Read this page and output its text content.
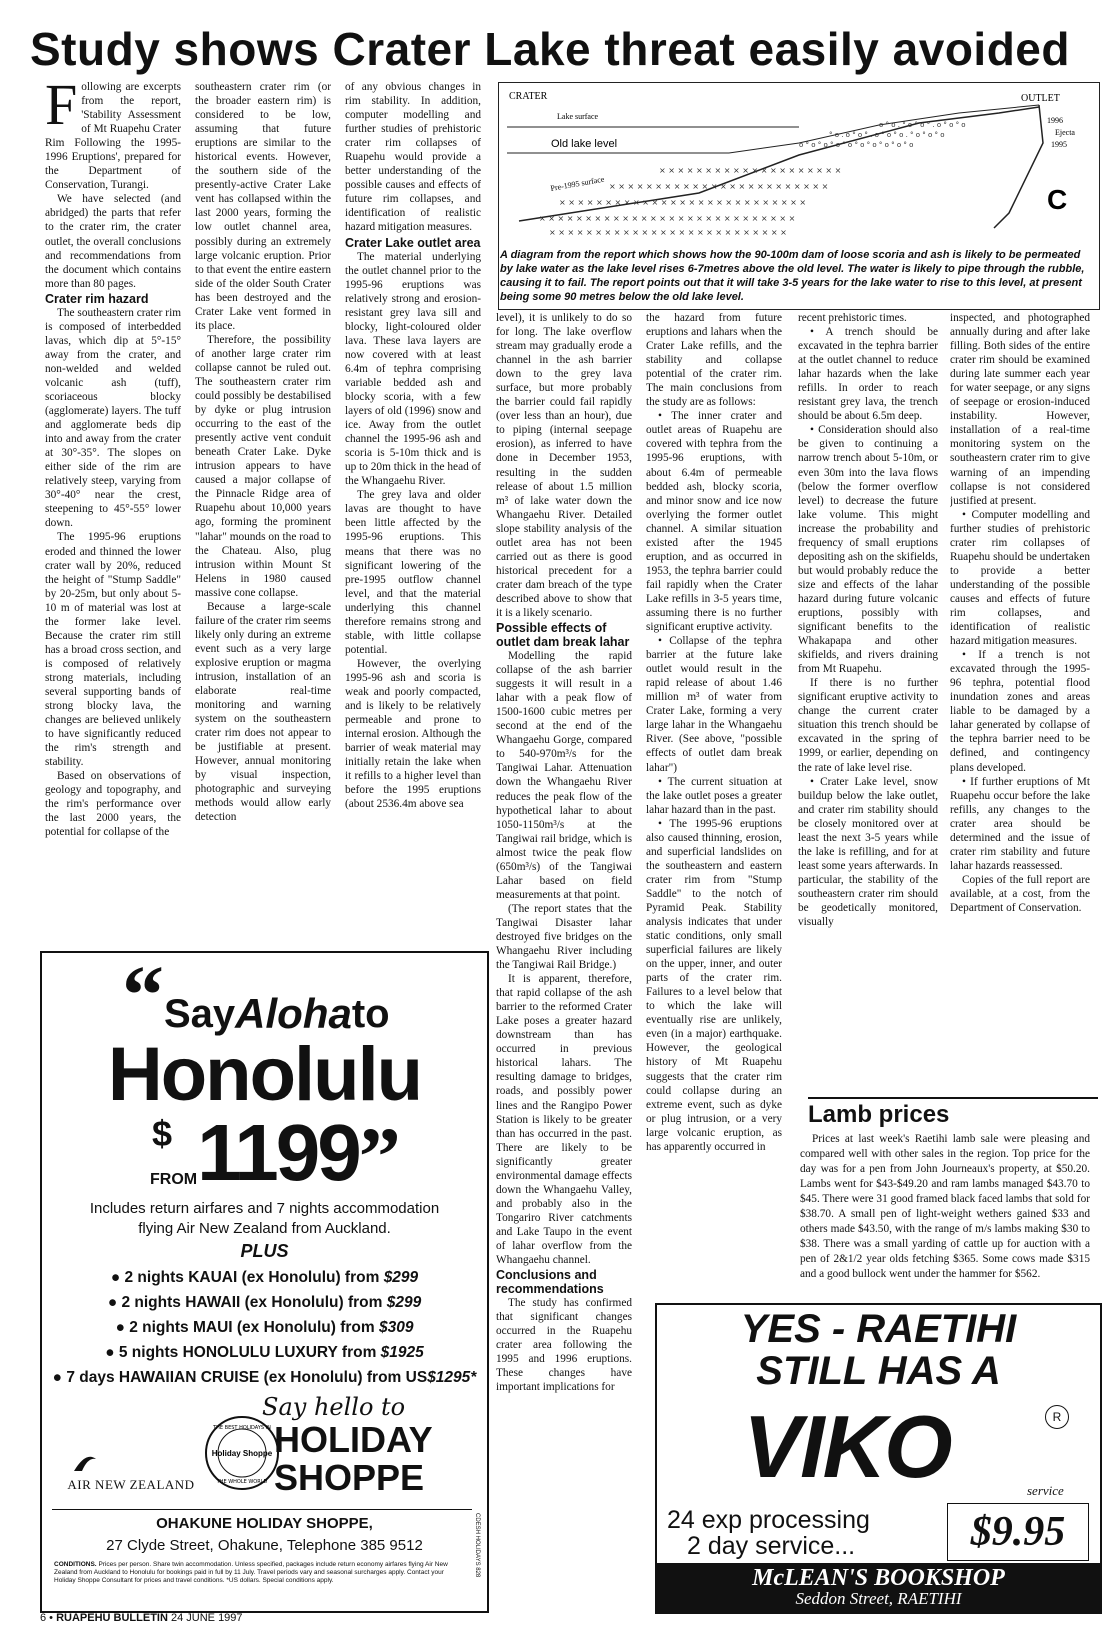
Study shows Crater Lake threat easily avoided

Following are excerpts from the report, 'Stability Assessment of Mt Ruapehu Crater Rim Following the 1995-1996 Eruptions', prepared for the Department of Conservation, Turangi.

We have selected (and abridged) the parts that refer to the crater rim, the crater outlet, the overall conclusions and recommendations from the document which contains more than 80 pages.

Crater rim hazard

The southeastern crater rim is composed of interbedded lavas, which dip at 5°-15° away from the crater, and non-welded and welded volcanic ash (tuff), scoriaceous blocky (agglomerate) layers. The tuff and agglomerate beds dip into and away from the crater at 30°-35°. The slopes on either side of the rim are relatively steep, varying from 30°-40° near the crest, steepening to 45°-55° lower down.

The 1995-96 eruptions eroded and thinned the lower crater wall by 20%, reduced the height of "Stump Saddle" by 20-25m, but only about 5-10 m of material was lost at the former lake level. Because the crater rim still has a broad cross section, and is composed of relatively strong materials, including several supporting bands of strong blocky lava, the changes are believed unlikely to have significantly reduced the rim's strength and stability.

Based on observations of geology and topography, and the rim's performance over the last 2000 years, the potential for collapse of the

southeastern crater rim (or the broader eastern rim) is considered to be low, assuming that future eruptions are similar to the historical events. However, the southern side of the presently-active Crater Lake vent has collapsed within the last 2000 years, forming the low outlet channel area, possibly during an extremely large volcanic eruption. Prior to that event the entire eastern side of the older South Crater has been destroyed and the Crater Lake vent formed in its place.

Therefore, the possibility of another large crater rim collapse cannot be ruled out. The southeastern crater rim could possibly be destabilised by dyke or plug intrusion occurring to the east of the presently active vent conduit beneath Crater Lake. Dyke intrusion appears to have caused a major collapse of the Pinnacle Ridge area of Ruapehu about 10,000 years ago, forming the prominent "lahar" mounds on the road to the Chateau. Also, plug intrusion within Mount St Helens in 1980 caused massive cone collapse.

Because a large-scale failure of the crater rim seems likely only during an extreme event such as a very large explosive eruption or magma intrusion, installation of an elaborate real-time monitoring and warning system on the southeastern crater rim does not appear to be justifiable at present. However, annual monitoring by visual inspection, photographic and surveying methods would allow early detection

of any obvious changes in rim stability. In addition, computer modelling and further studies of prehistoric crater rim collapses of Ruapehu would provide a better understanding of the possible causes and effects of future rim collapses, and identification of realistic hazard mitigation measures.

Crater Lake outlet area

The material underlying the outlet channel prior to the 1995-96 eruptions was relatively strong and erosion-resistant grey lava sill and blocky, light-coloured older lava. These lava layers are now covered with at least 6.4m of tephra comprising variable bedded ash and blocky scoria, with a few layers of old (1996) snow and ice. Away from the outlet channel the 1995-96 ash and scoria is 5-10m thick and is up to 20m thick in the head of the Whangaehu River.

The grey lava and older lavas are thought to have been little affected by the 1995-96 eruptions. This means that there was no significant lowering of the pre-1995 outflow channel level, and that the material underlying this channel therefore remains strong and stable, with little collapse potential.

However, the overlying 1995-96 ash and scoria is weak and poorly compacted, and is likely to be relatively permeable and prone to internal erosion. Although the barrier of weak material may initially retain the lake when it refills to a higher level than before the 1995 eruptions (about 2536.4m above sea

CRATER	OUTLET
Lake surface
Old lake level
Pre-1995 surface
o ° o ° o ° o ° o ° o ° o ° o ° o ° o
° o . o ° o ° . o ° o ° o . ° o ° o ° o
o ° o . ° o ° o ° . o ° o ° o
× × × × × × × × × × × × × × × × × × × ×
× × × × × × × × × × × × × × × × × × × × × × × ×
× × × × × × × × × × × × × × × × × × × × × × × × × × ×
× × × × × × × × × × × × × × × × × × × × × × × × × × × ×
× × × × × × × × × × × × × × × × × × × × × × × × × ×
1996
Ejecta
1995
C
A diagram from the report which shows how the 90-100m dam of loose scoria and ash is likely to be permeated by lake water as the lake level rises 6-7metres above the old level. The water is likely to pipe through the rubble, causing it to fail. The report points out that it will take 3-5 years for the lake water to rise to this level, at present being some 90 metres below the old lake level.

level), it is unlikely to do so for long. The lake overflow stream may gradually erode a channel in the ash barrier down to the grey lava surface, but more probably the barrier could fail rapidly (over less than an hour), due to piping (internal seepage erosion), as inferred to have done in December 1953, resulting in the sudden release of about 1.5 million m³ of lake water down the Whangaehu River. Detailed slope stability analysis of the outlet area has not been carried out as there is good historical precedent for a crater dam breach of the type described above to show that it is a likely scenario.

Possible effects of outlet dam break lahar

Modelling the rapid collapse of the ash barrier suggests it will result in a lahar with a peak flow of 1500-1600 cubic metres per second at the end of the Whangaehu Gorge, compared to 540-970m³/s for the Tangiwai Lahar. Attenuation down the Whangaehu River reduces the peak flow of the hypothetical lahar to about 1050-1150m³/s at the Tangiwai rail bridge, which is almost twice the peak flow (650m³/s) of the Tangiwai Lahar based on field measurements at that point.

(The report states that the Tangiwai Disaster lahar destroyed five bridges on the Whangaehu River including the Tangiwai Rail Bridge.)

It is apparent, therefore, that rapid collapse of the ash barrier to the reformed Crater Lake poses a greater hazard downstream than has occurred in previous historical lahars. The resulting damage to bridges, roads, and possibly power lines and the Rangipo Power Station is likely to be greater than has occurred in the past. There are likely to be significantly greater environmental damage effects down the Whangaehu Valley, and probably also in the Tongariro River catchments and Lake Taupo in the event of lahar overflow from the Whangaehu channel.

Conclusions and recommendations

The study has confirmed that significant changes occurred in the Ruapehu crater area following the 1995 and 1996 eruptions. These changes have important implications for

the hazard from future eruptions and lahars when the Crater Lake refills, and the stability and collapse potential of the crater rim. The main conclusions from the study are as follows:

• The inner crater and outlet areas of Ruapehu are covered with tephra from the 1995-96 eruptions, with about 6.4m of permeable bedded ash, blocky scoria, and minor snow and ice now overlying the former outlet channel. A similar situation existed after the 1945 eruption, and as occurred in 1953, the tephra barrier could fail rapidly when the Crater Lake refills in 3-5 years time, assuming there is no further significant eruptive activity.

• Collapse of the tephra barrier at the future lake outlet would result in the rapid release of about 1.46 million m³ of water from Crater Lake, forming a very large lahar in the Whangaehu River. (See above, "possible effects of outlet dam break lahar")

• The current situation at the lake outlet poses a greater lahar hazard than in the past.

• The 1995-96 eruptions also caused thinning, erosion, and superficial landslides on the southeastern and eastern crater rim from "Stump Saddle" to the notch of Pyramid Peak. Stability analysis indicates that under static conditions, only small superficial failures are likely on the upper, inner, and outer parts of the crater rim. Failures to a level below that to which the lake will eventually rise are unlikely, even (in a major) earthquake. However, the geological history of Mt Ruapehu suggests that the crater rim could collapse during an extreme event, such as dyke or plug intrusion, or a very large volcanic eruption, as has apparently occurred in

recent prehistoric times.

• A trench should be excavated in the tephra barrier at the outlet channel to reduce lahar hazards when the lake refills. In order to reach resistant grey lava, the trench should be about 6.5m deep.

• Consideration should also be given to continuing a narrow trench about 5-10m, or even 30m into the lava flows (below the former overflow level) to decrease the future lake volume. This might increase the probability and frequency of small eruptions depositing ash on the skifields, but would probably reduce the size and effects of the lahar hazard during future volcanic eruptions, possibly with significant benefits to the Whakapapa and other skifields, and rivers draining from Mt Ruapehu.

If there is no further significant eruptive activity to change the current crater situation this trench should be excavated in the spring of 1999, or earlier, depending on the rate of lake level rise.

• Crater Lake level, snow buildup below the lake outlet, and crater rim stability should be closely monitored over at least the next 3-5 years while the lake is refilling, and for at least some years afterwards. In particular, the stability of the southeastern crater rim should be geodetically monitored, visually

inspected, and photographed annually during and after lake filling. Both sides of the entire crater rim should be examined during late summer each year for water seepage, or any signs of seepage or erosion-induced instability. However, installation of a real-time monitoring system on the southeastern crater rim to give warning of an impending collapse is not considered justified at present.

• Computer modelling and further studies of prehistoric crater rim collapses of Ruapehu should be undertaken to provide a better understanding of the possible causes and effects of future rim collapses, and identification of realistic hazard mitigation measures.

• If a trench is not excavated through the 1995-96 tephra, potential flood inundation zones and areas liable to be damaged by a lahar generated by collapse of the tephra barrier need to be defined, and contingency plans developed.

• If further eruptions of Mt Ruapehu occur before the lake refills, any changes to the crater area should be determined and the issue of crater rim stability and future lahar hazards reassessed.

Copies of the full report are available, at a cost, from the Department of Conservation.

Lamb prices

Prices at last week's Raetihi lamb sale were pleasing and compared well with other sales in the region. Top price for the day was for a pen from John Journeaux's property, at $50.20. Lambs went for $43-$49.20 and ram lambs managed $43.70 to $45. There were 31 good framed black faced lambs that sold for $38.70. A small pen of light-weight wethers gained $33 and others made $43.50, with the range of m/s lambs making $30 to $38. There was a small yarding of cattle up for auction with a pen of 2&1/2 year olds fetching $365. Some cows made $315 and a good bullock went under the hammer for $562.

“SayAlohato
Honolulu
$FROM1199”
Includes return airfares and 7 nights accommodation flying Air New Zealand from Auckland.
PLUS
● 2 nights KAUAI (ex Honolulu) from $299
● 2 nights HAWAII (ex Honolulu) from $299
● 2 nights MAUI (ex Honolulu) from $309
● 5 nights HONOLULU LUXURY from $1925
● 7 days HAWAIIAN CRUISE (ex Honolulu) from US$1295*
Say hello to
HOLIDAY
SHOPPE
THE BEST HOLIDAYS IN
Holiday Shoppe
THE WHOLE WORLD
AIR NEW ZEALAND
OHAKUNE HOLIDAY SHOPPE,
27 Clyde Street, Ohakune, Telephone 385 9512
CONDITIONS. Prices per person. Share twin accommodation. Unless specified, packages include return economy airfares flying Air New Zealand from Auckland to Honolulu for bookings paid in full by 11 July. Travel periods vary and seasonal surcharges apply. Contact your Holiday Shoppe Consultant for prices and travel conditions. *US dollars. Special conditions apply.
CDESH HOLIDAYS 828
YES - RAETIHI
STILL HAS A
VIKO	R
service
24 exp processing
2 day service...	$9.95
McLEAN'S BOOKSHOP
Seddon Street, RAETIHI
6 • RUAPEHU BULLETIN 24 JUNE 1997
